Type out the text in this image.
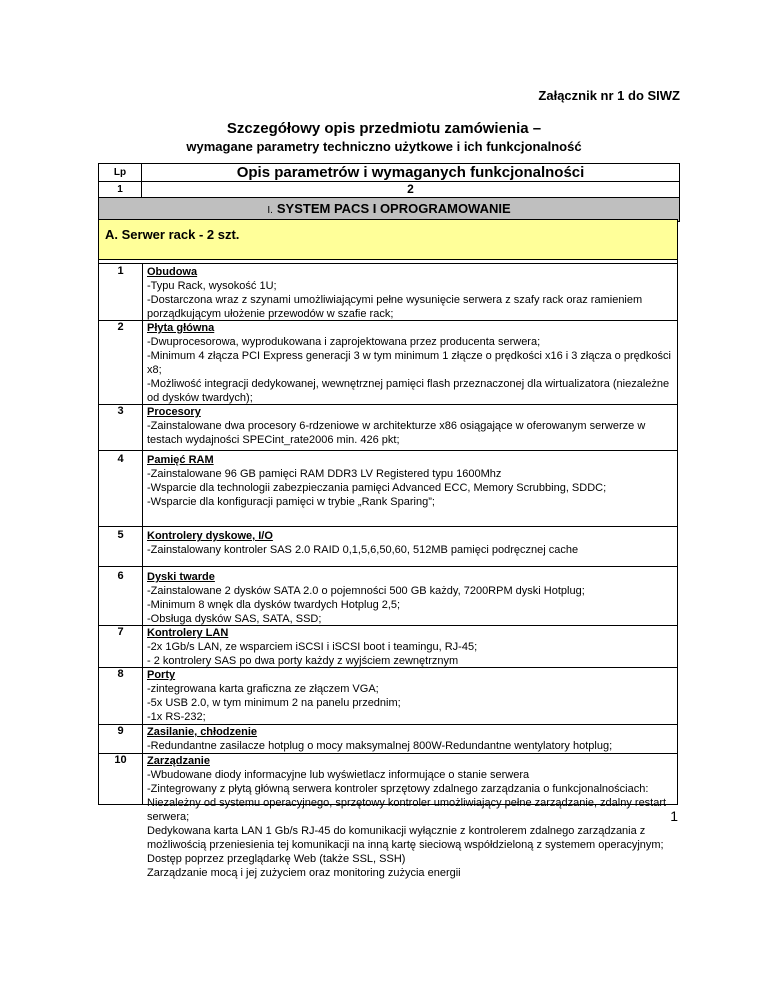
Załącznik nr 1 do SIWZ
Szczegółowy opis przedmiotu zamówienia –
wymagane parametry techniczno użytkowe i ich funkcjonalność
Lp	Opis parametrów i wymaganych funkcjonalności
1	2
I. SYSTEM PACS I OPROGRAMOWANIE
A. Serwer rack - 2 szt.
1	Obudowa
-Typu Rack, wysokość 1U;
-Dostarczona wraz z szynami umożliwiającymi pełne wysunięcie serwera z szafy rack oraz ramieniem porządkującym ułożenie przewodów w szafie rack;
2	Płyta główna
-Dwuprocesorowa, wyprodukowana i zaprojektowana przez producenta serwera;
-Minimum 4 złącza PCI Express generacji 3 w tym minimum 1 złącze o prędkości x16 i 3 złącza o prędkości x8;
-Możliwość integracji dedykowanej, wewnętrznej pamięci flash przeznaczonej dla wirtualizatora (niezależne od dysków twardych);
3	Procesory
-Zainstalowane dwa procesory 6-rdzeniowe w architekturze x86 osiągające w oferowanym serwerze w testach wydajności SPECint_rate2006 min. 426 pkt;
4	Pamięć RAM
-Zainstalowane 96 GB pamięci RAM DDR3 LV Registered typu 1600Mhz
-Wsparcie dla technologii zabezpieczania pamięci Advanced ECC, Memory Scrubbing, SDDC;
-Wsparcie dla konfiguracji pamięci w trybie „Rank Sparing”;
5	Kontrolery dyskowe, I/O
-Zainstalowany kontroler SAS 2.0 RAID 0,1,5,6,50,60, 512MB pamięci podręcznej cache
6	Dyski twarde
-Zainstalowane 2 dysków SATA 2.0 o pojemności 500 GB każdy, 7200RPM dyski Hotplug;
-Minimum 8 wnęk dla dysków twardych Hotplug 2,5;
-Obsługa dysków SAS, SATA, SSD;
7	Kontrolery LAN
-2x 1Gb/s LAN, ze wsparciem iSCSI i iSCSI boot i teamingu, RJ-45;
- 2 kontrolery SAS po dwa porty każdy z wyjściem zewnętrznym
8	Porty
-zintegrowana karta graficzna ze złączem VGA;
-5x USB 2.0, w tym minimum 2 na panelu przednim;
-1x RS-232;
9	Zasilanie, chłodzenie
-Redundantne zasilacze hotplug o mocy maksymalnej 800W-Redundantne wentylatory hotplug;
10	Zarządzanie
-Wbudowane diody informacyjne lub wyświetlacz informujące o stanie serwera
-Zintegrowany z płytą główną serwera kontroler sprzętowy zdalnego zarządzania o funkcjonalnościach:
Niezależny od systemu operacyjnego, sprzętowy kontroler umożliwiający pełne zarządzanie, zdalny restart serwera;
Dedykowana karta LAN 1 Gb/s RJ-45 do komunikacji wyłącznie z kontrolerem zdalnego zarządzania z możliwością przeniesienia tej komunikacji na inną kartę sieciową współdzieloną z systemem operacyjnym;
Dostęp poprzez przeglądarkę Web (także SSL, SSH)
Zarządzanie mocą i jej zużyciem oraz monitoring zużycia energii
1
